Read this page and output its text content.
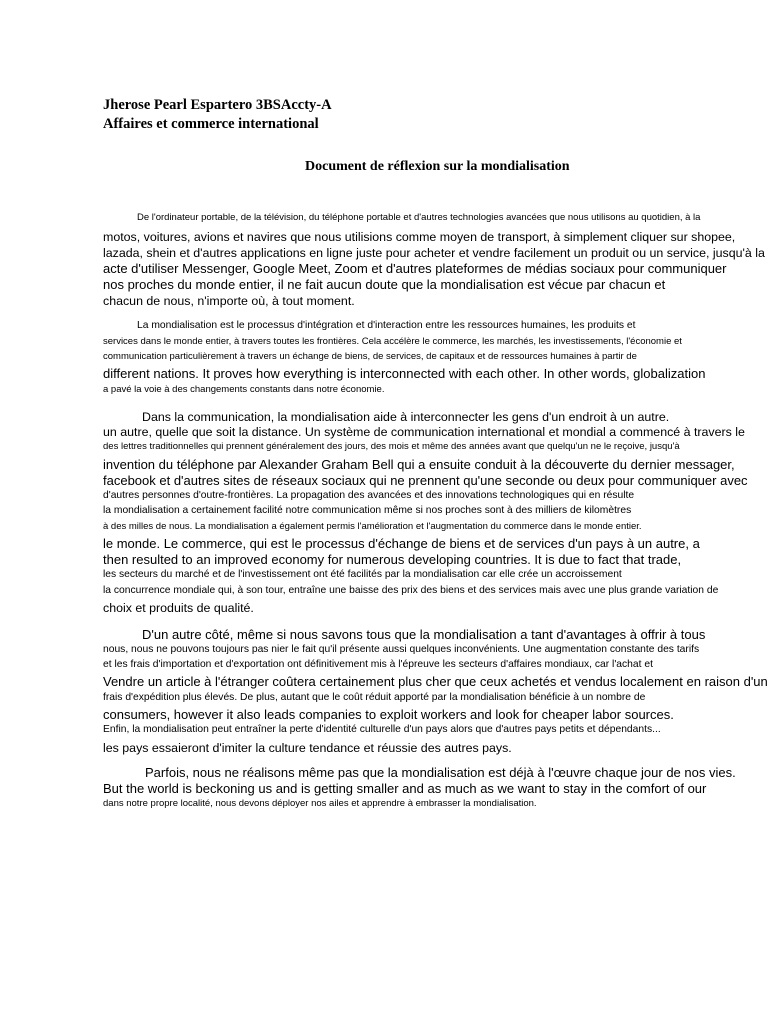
Jherose Pearl Espartero 3BSAccty-A
Affaires et commerce international
Document de réflexion sur la mondialisation
De l'ordinateur portable, de la télévision, du téléphone portable et d'autres technologies avancées que nous utilisons au quotidien, à la
motos, voitures, avions et navires que nous utilisions comme moyen de transport, à simplement cliquer sur shopee,
lazada, shein et d'autres applications en ligne juste pour acheter et vendre facilement un produit ou un service, jusqu'à la
acte d'utiliser Messenger, Google Meet, Zoom et d'autres plateformes de médias sociaux pour communiquer
nos proches du monde entier, il ne fait aucun doute que la mondialisation est vécue par chacun et
chacun de nous, n'importe où, à tout moment.
La mondialisation est le processus d'intégration et d'interaction entre les ressources humaines, les produits et
services dans le monde entier, à travers toutes les frontières. Cela accélère le commerce, les marchés, les investissements, l'économie et
communication particulièrement à travers un échange de biens, de services, de capitaux et de ressources humaines à partir de
different nations. It proves how everything is interconnected with each other. In other words, globalization
a pavé la voie à des changements constants dans notre économie.
Dans la communication, la mondialisation aide à interconnecter les gens d'un endroit à un autre.
un autre, quelle que soit la distance. Un système de communication international et mondial a commencé à travers le
des lettres traditionnelles qui prennent généralement des jours, des mois et même des années avant que quelqu'un ne le reçoive, jusqu'à
invention du téléphone par Alexander Graham Bell qui a ensuite conduit à la découverte du dernier messager,
facebook et d'autres sites de réseaux sociaux qui ne prennent qu'une seconde ou deux pour communiquer avec
d'autres personnes d'outre-frontières. La propagation des avancées et des innovations technologiques qui en résulte
la mondialisation a certainement facilité notre communication même si nos proches sont à des milliers de kilomètres
à des milles de nous. La mondialisation a également permis l'amélioration et l'augmentation du commerce dans le monde entier.
le monde. Le commerce, qui est le processus d'échange de biens et de services d'un pays à un autre, a
then resulted to an improved economy for numerous developing countries. It is due to fact that trade,
les secteurs du marché et de l'investissement ont été facilités par la mondialisation car elle crée un accroissement
la concurrence mondiale qui, à son tour, entraîne une baisse des prix des biens et des services mais avec une plus grande variation de
choix et produits de qualité.
D'un autre côté, même si nous savons tous que la mondialisation a tant d'avantages à offrir à tous
nous, nous ne pouvons toujours pas nier le fait qu'il présente aussi quelques inconvénients. Une augmentation constante des tarifs
et les frais d'importation et d'exportation ont définitivement mis à l'épreuve les secteurs d'affaires mondiaux, car l'achat et
Vendre un article à l'étranger coûtera certainement plus cher que ceux achetés et vendus localement en raison d'un
frais d'expédition plus élevés. De plus, autant que le coût réduit apporté par la mondialisation bénéficie à un nombre de
consumers, however it also leads companies to exploit workers and look for cheaper labor sources.
Enfin, la mondialisation peut entraîner la perte d'identité culturelle d'un pays alors que d'autres pays petits et dépendants...
les pays essaieront d'imiter la culture tendance et réussie des autres pays.
Parfois, nous ne réalisons même pas que la mondialisation est déjà à l'œuvre chaque jour de nos vies.
But the world is beckoning us and is getting smaller and as much as we want to stay in the comfort of our
dans notre propre localité, nous devons déployer nos ailes et apprendre à embrasser la mondialisation.
